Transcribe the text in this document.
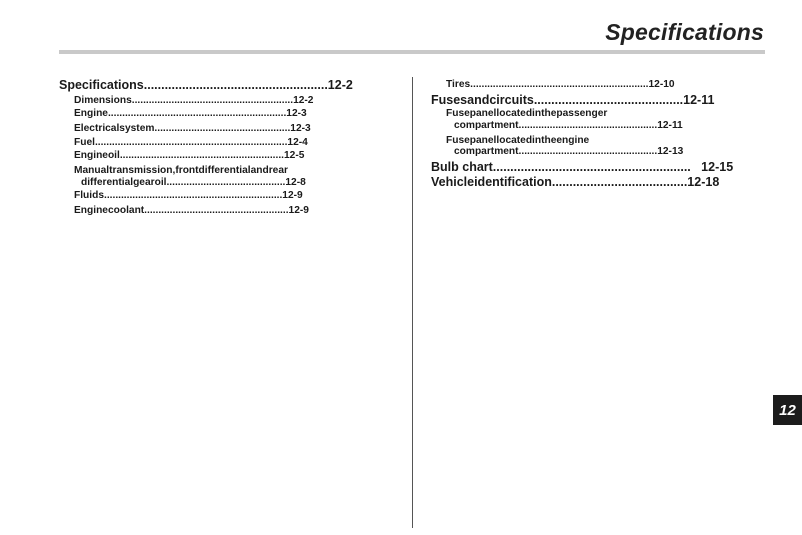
Specifications
Specifications.....................................................12-2
Dimensions.........................................................12-2
Engine...............................................................12-3
Electricalsystem................................................12-3
Fuel....................................................................12-4
Engineoil..........................................................12-5
Manualtransmission,frontdifferentialandrear
differentialgearoil..........................................12-8
Fluids...............................................................12-9
Enginecoolant...................................................12-9
Tires...............................................................12-10
Fusesandcircuits...........................................12-11
Fusepanellocatedinthepassenger
compartment.................................................12-11
Fusepanellocatedintheengine
compartment.................................................12-13
Bulb chart.........................................................   12-15
Vehicleidentification.......................................12-18
12
